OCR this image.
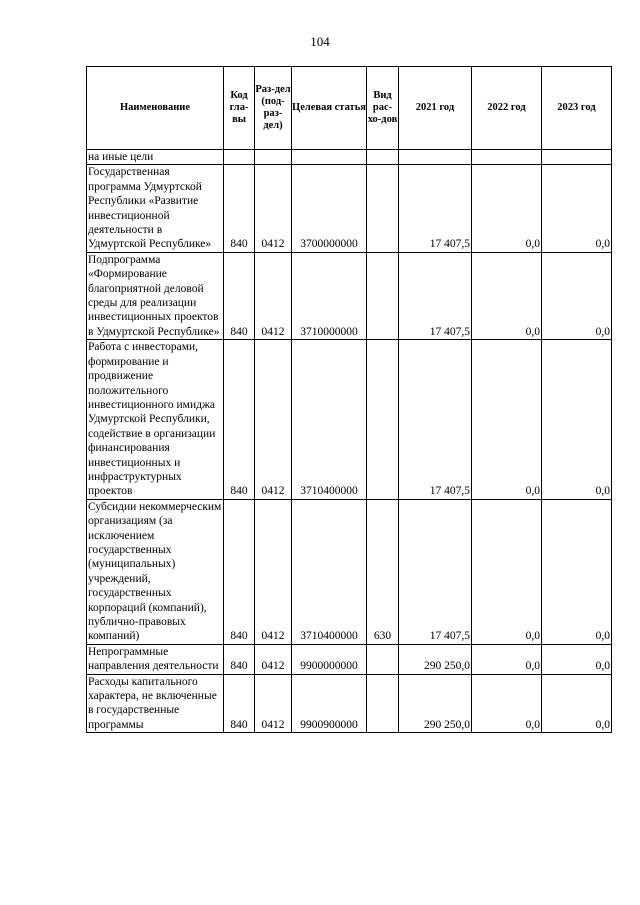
104
Наименование	Код гла-вы	Раз-дел (под-раз-дел)	Целевая статья	Вид рас-хо-дов	2021 год	2022 год	2023 год
на иные цели							
Государственная программа Удмуртской Республики «Развитие инвестиционной деятельности в Удмуртской Республике»	840	0412	3700000000		17 407,5	0,0	0,0
Подпрограмма «Формирование благоприятной деловой среды для реализации инвестиционных проектов в Удмуртской Республике»	840	0412	3710000000		17 407,5	0,0	0,0
Работа с инвесторами, формирование и продвижение положительного инвестиционного имиджа Удмуртской Республики, содействие в организации финансирования инвестиционных и инфраструктурных проектов	840	0412	3710400000		17 407,5	0,0	0,0
Субсидии некоммерческим организациям (за исключением государственных (муниципальных) учреждений, государственных корпораций (компаний), публично-правовых компаний)	840	0412	3710400000	630	17 407,5	0,0	0,0
Непрограммные направления деятельности	840	0412	9900000000		290 250,0	0,0	0,0
Расходы капитального характера, не включенные в государственные программы	840	0412	9900900000		290 250,0	0,0	0,0
